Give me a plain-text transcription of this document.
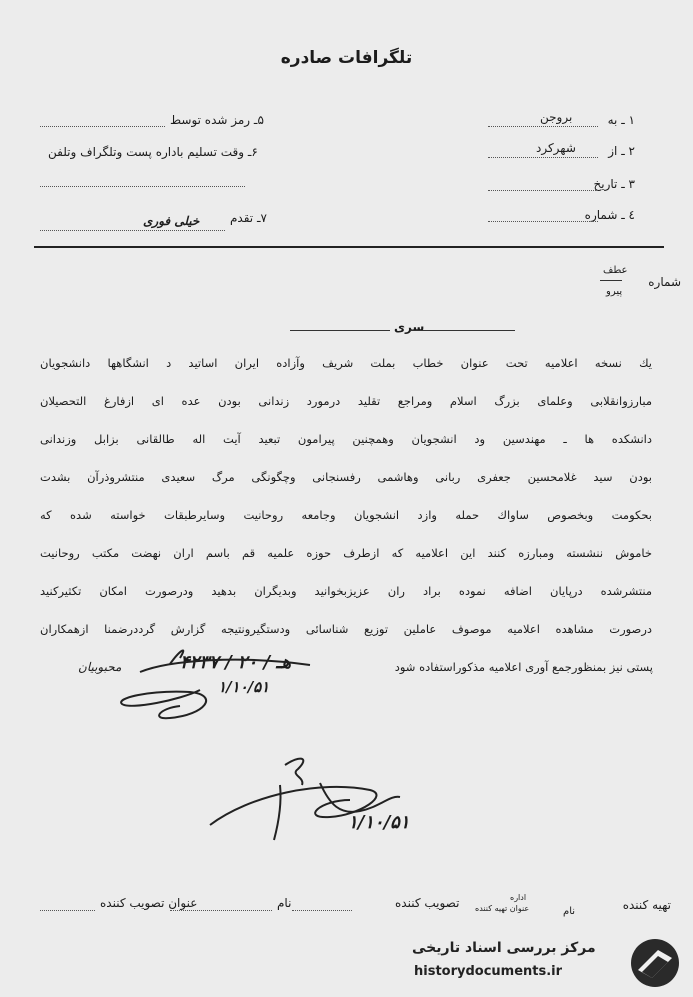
تلگرافات صادره
۱ ـ به
بروجن
۲ ـ از
شهرکرد
۳ ـ تاریخ
٤ ـ شماره
۵ـ رمز شده توسط
۶ـ وقت تسلیم باداره پست وتلگراف وتلفن
۷ـ تقدم
خیلی فوری
شماره
عطف
پیرو
سری
یك نسخه اعلامیه تحت عنوان خطاب بملت شریف وآزاده ایران اساتید د انشگاهها دانشجویان
مبارزوانقلابی وعلمای بزرگ اسلام ومراجع تقلید درمورد زندانی بودن عده ای ازفارغ التحصیلان
دانشکده ها ـ مهندسین ود انشجویان وهمچنین پیرامون تبعید آیت اله طالقانی بزابل وزندانی
بودن سید غلامحسین جعفری ربانی وهاشمی رفسنجانی وچگونگی مرگ سعیدی منتشروذرآن بشدت
بحکومت وبخصوص ساواك حمله وازد انشجویان وجامعه روحانیت وسایرطبقات خواسته شده که
خاموش ننشسته ومبارزه کنند این اعلامیه که ازطرف حوزه علمیه قم باسم اران نهضت مکتب روحانیت
منتشرشده درپایان اضافه نموده براد ران عزیزبخوانید وبدیگران بدهید ودرصورت امکان تکثیرکنید
درصورت مشاهده اعلامیه موصوف عاملین توزیع شناسائی ودستگیرونتیجه گزارش گرددرضمنا ازهمکاران
پستی نیز بمنظورجمع آوری اعلامیه مذکوراستفاده شود
۴۲۳۷ / ۲۰ / هـ
۱/۱۰/۵۱
محبوبیان
۱/۱۰/۵۱
تهیه کننده
اداره
عنوان تهیه کننده	نام
تصویب کننده
نام
عنوان تصویب کننده
مرکز بررسی اسناد تاریخی
historydocuments.ir
